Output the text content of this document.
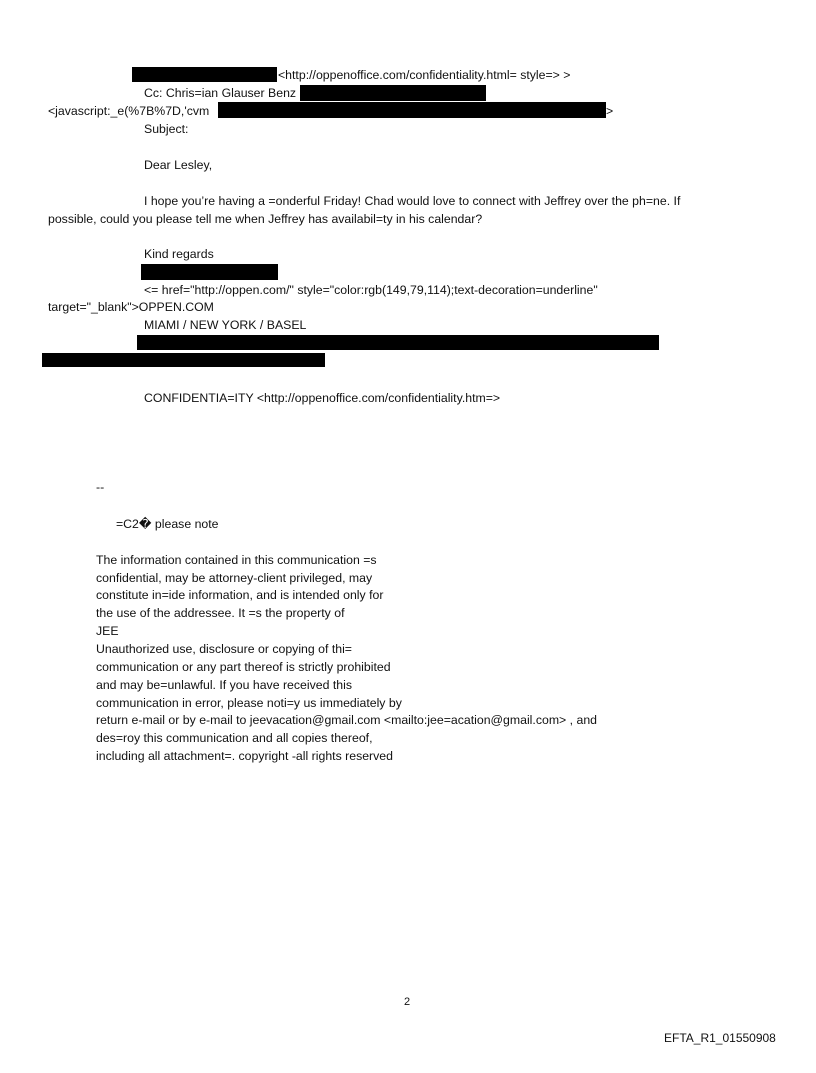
<http://oppenoffice.com/confidentiality.html= style=> >
Cc: Chris=ian Glauser Benz
<javascript:_e(%7B%7D,'cvm	>
Subject:
Dear Lesley,
I hope you’re having a =onderful Friday! Chad would love to connect with Jeffrey over the ph=ne. If
possible, could you please tell me when Jeffrey has availabil=ty in his calendar?
Kind regards
<= href="http://oppen.com/" style="color:rgb(149,79,114);text-decoration=underline"
target="_blank">OPPEN.COM
MIAMI / NEW YORK / BASEL
CONFIDENTIA=ITY <http://oppenoffice.com/confidentiality.htm=>
--
=C2� please note
The information contained in this communication =s
confidential, may be attorney-client privileged, may
constitute in=ide information, and is intended only for
the use of the addressee. It =s the property of
JEE
Unauthorized use, disclosure or copying of thi=
communication or any part thereof is strictly prohibited
and may be=unlawful. If you have received this
communication in error, please noti=y us immediately by
return e-mail or by e-mail to jeevacation@gmail.com <mailto:jee=acation@gmail.com> , and
des=roy this communication and all copies thereof,
including all attachment=. copyright -all rights reserved
2
EFTA_R1_01550908
